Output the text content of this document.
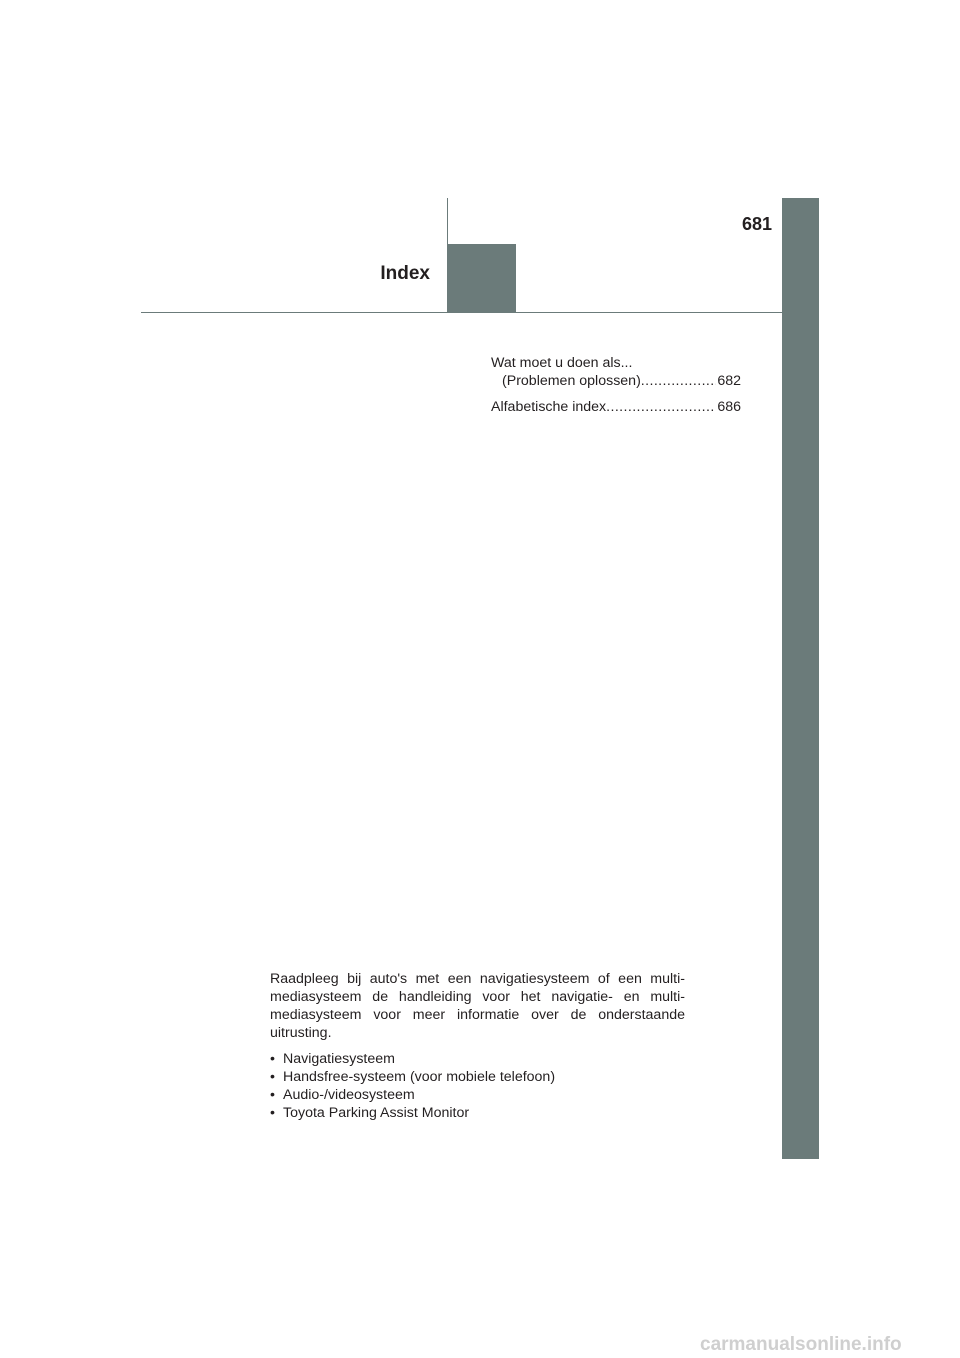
681
Index
Wat moet u doen als...
(Problemen oplossen) .....	682
Alfabetische index .....	686

Raadpleeg bij auto's met een navigatiesysteem of een multi-mediasysteem de handleiding voor het navigatie- en multi-mediasysteem voor meer informatie over de onderstaande uitrusting.

• Navigatiesysteem
• Handsfree-systeem (voor mobiele telefoon)
• Audio-/videosysteem
• Toyota Parking Assist Monitor
carmanualsonline.info
